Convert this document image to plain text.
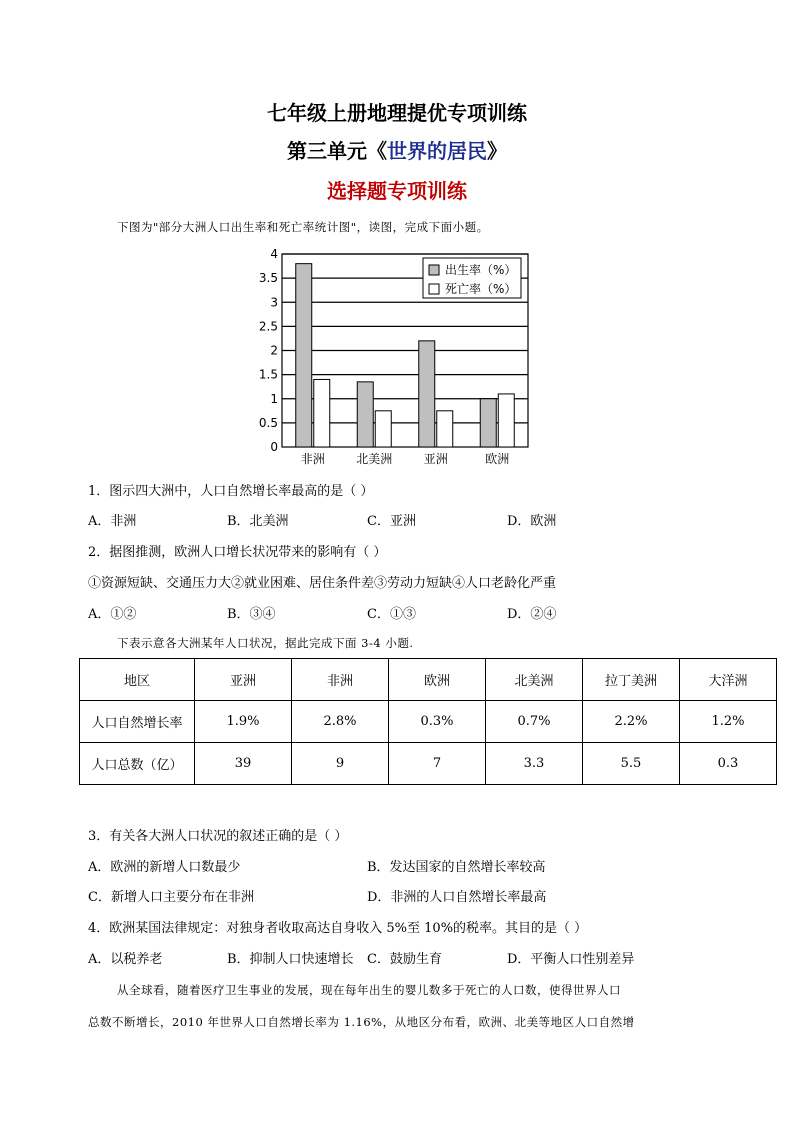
七年级上册地理提优专项训练
第三单元《世界的居民》
选择题专项训练
下图为"部分大洲人口出生率和死亡率统计图"，读图，完成下面小题。
0
0.5
1
1.5
2
2.5
3
3.5
4
非洲	北美洲	亚洲	欧洲
出生率（%）
死亡率（%）
1．图示四大洲中，人口自然增长率最高的是（ ）
A．非洲	B．北美洲	C．亚洲	D．欧洲
2．据图推测，欧洲人口增长状况带来的影响有（ ）
①资源短缺、交通压力大②就业困难、居住条件差③劳动力短缺④人口老龄化严重
A．①②	B．③④	C．①③	D．②④
下表示意各大洲某年人口状况，据此完成下面 3-4 小题.
地区	亚洲	非洲	欧洲	北美洲	拉丁美洲	大洋洲
人口自然增长率	1.9%	2.8%	0.3%	0.7%	2.2%	1.2%
人口总数（亿）	39	9	7	3.3	5.5	0.3
3．有关各大洲人口状况的叙述正确的是（ ）
A．欧洲的新增人口数最少	B．发达国家的自然增长率较高
C．新增人口主要分布在非洲	D．非洲的人口自然增长率最高
4．欧洲某国法律规定：对独身者收取高达自身收入 5%至 10%的税率。其目的是（ ）
A．以税养老	B．抑制人口快速增长 C．鼓励生育	D．平衡人口性别差异
从全球看，随着医疗卫生事业的发展，现在每年出生的婴儿数多于死亡的人口数，使得世界人口
总数不断增长，2010 年世界人口自然增长率为 1.16%，从地区分布看，欧洲、北美等地区人口自然增
